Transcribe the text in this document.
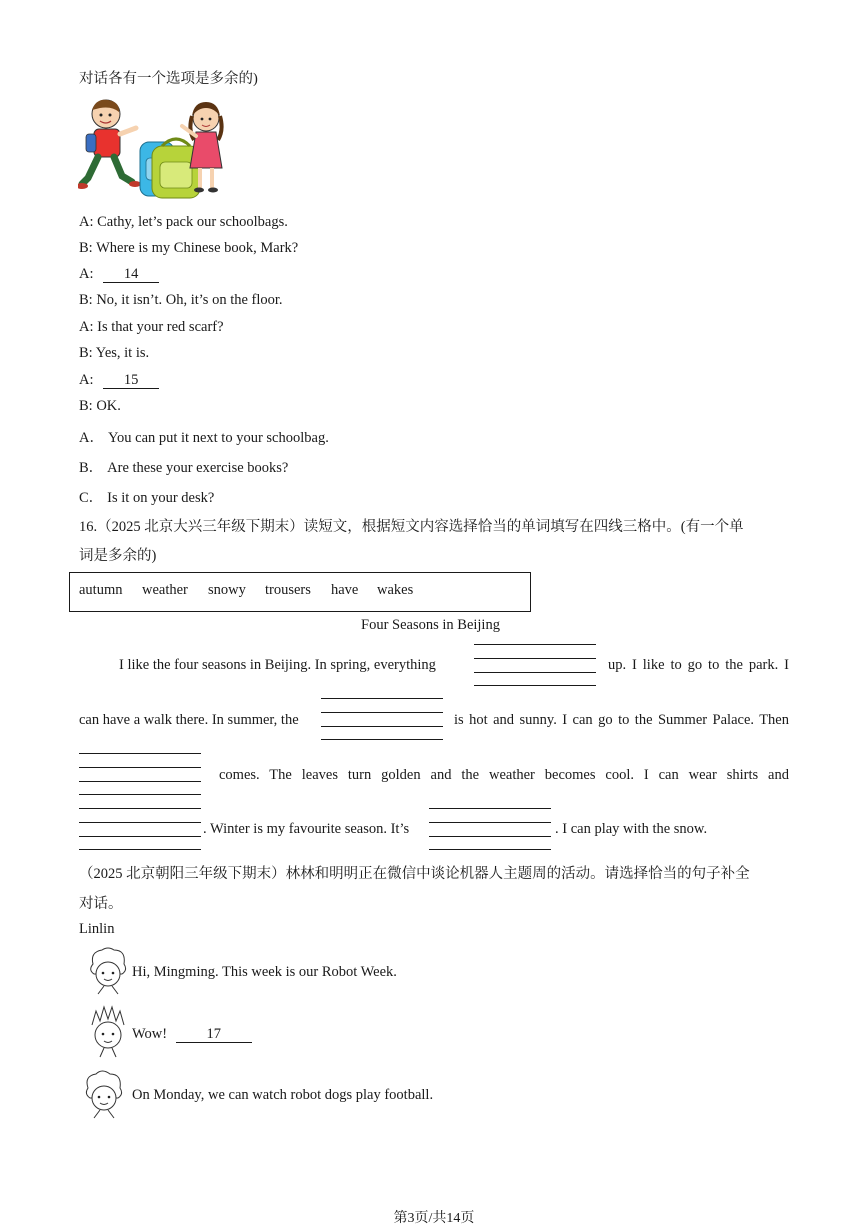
对话各有一个选项是多余的)
A: Cathy, let’s pack our schoolbags.
B: Where is my Chinese book, Mark?
A: 14
B: No, it isn’t. Oh, it’s on the floor.
A: Is that your red scarf?
B: Yes, it is.
A: 15
B: OK.
A． You can put it next to your schoolbag.
B． Are these your exercise books?
C． Is it on your desk?
16.（2025 北京大兴三年级下期末）读短文，根据短文内容选择恰当的单词填写在四线三格中。(有一个单
词是多余的)
autumn weather snowy trousers have wakes
Four Seasons in Beijing
I like the four seasons in Beijing. In spring, everything	up. I like to go to the park. I
can have a walk there. In summer, the	is hot and sunny. I can go to the Summer Palace. Then
comes. The leaves turn golden and the weather becomes cool. I can wear shirts and
. Winter is my favourite season. It’s	. I can play with the snow.
（2025 北京朝阳三年级下期末）林林和明明正在微信中谈论机器人主题周的活动。请选择恰当的句子补全
对话。
Linlin
Hi, Mingming. This week is our Robot Week.
Wow!	17
On Monday, we can watch robot dogs play football.
第3页/共14页
